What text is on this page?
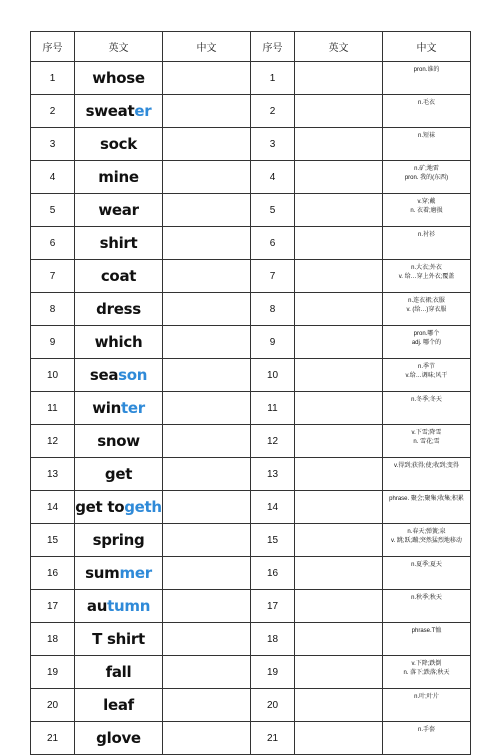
序号	英文	中文	序号	英文	中文
1	whose		1		pron.谁的

2	sweater		2		n.毛衣

3	sock		3		n.短袜

4	mine		4		n.矿;地雷
pron. 我的(东西)

5	wear		5		v.穿;戴
n. 衣着;磨损

6	shirt		6		n.衬衫

7	coat		7		n.大衣;外衣
v. 给…穿上外衣;覆盖

8	dress		8		n.连衣裙;衣服
v. (给…)穿衣服

9	which		9		pron.哪个
adj. 哪个的

10	season		10		n.季节
v.给…调味;风干

11	winter		11		n.冬季;冬天

12	snow		12		v.下雪;降雪
n. 雪花;雪

13	get		13		v.得到;获得;使;收到;变得

14	get togeth		14		phrase. 聚会;聚集;收集;积累

15	spring		15		n.春天;弹簧;泉
v. 跳;跃;蹦;突然猛烈地移动

16	summer		16		n.夏季;夏天

17	autumn		17		n.秋季;秋天

18	T shirt		18		phrase.T恤

19	fall		19		v.下降;跌倒
n. 落下;跌落;秋天

20	leaf		20		n.叶;叶片

21	glove		21		n.手套
